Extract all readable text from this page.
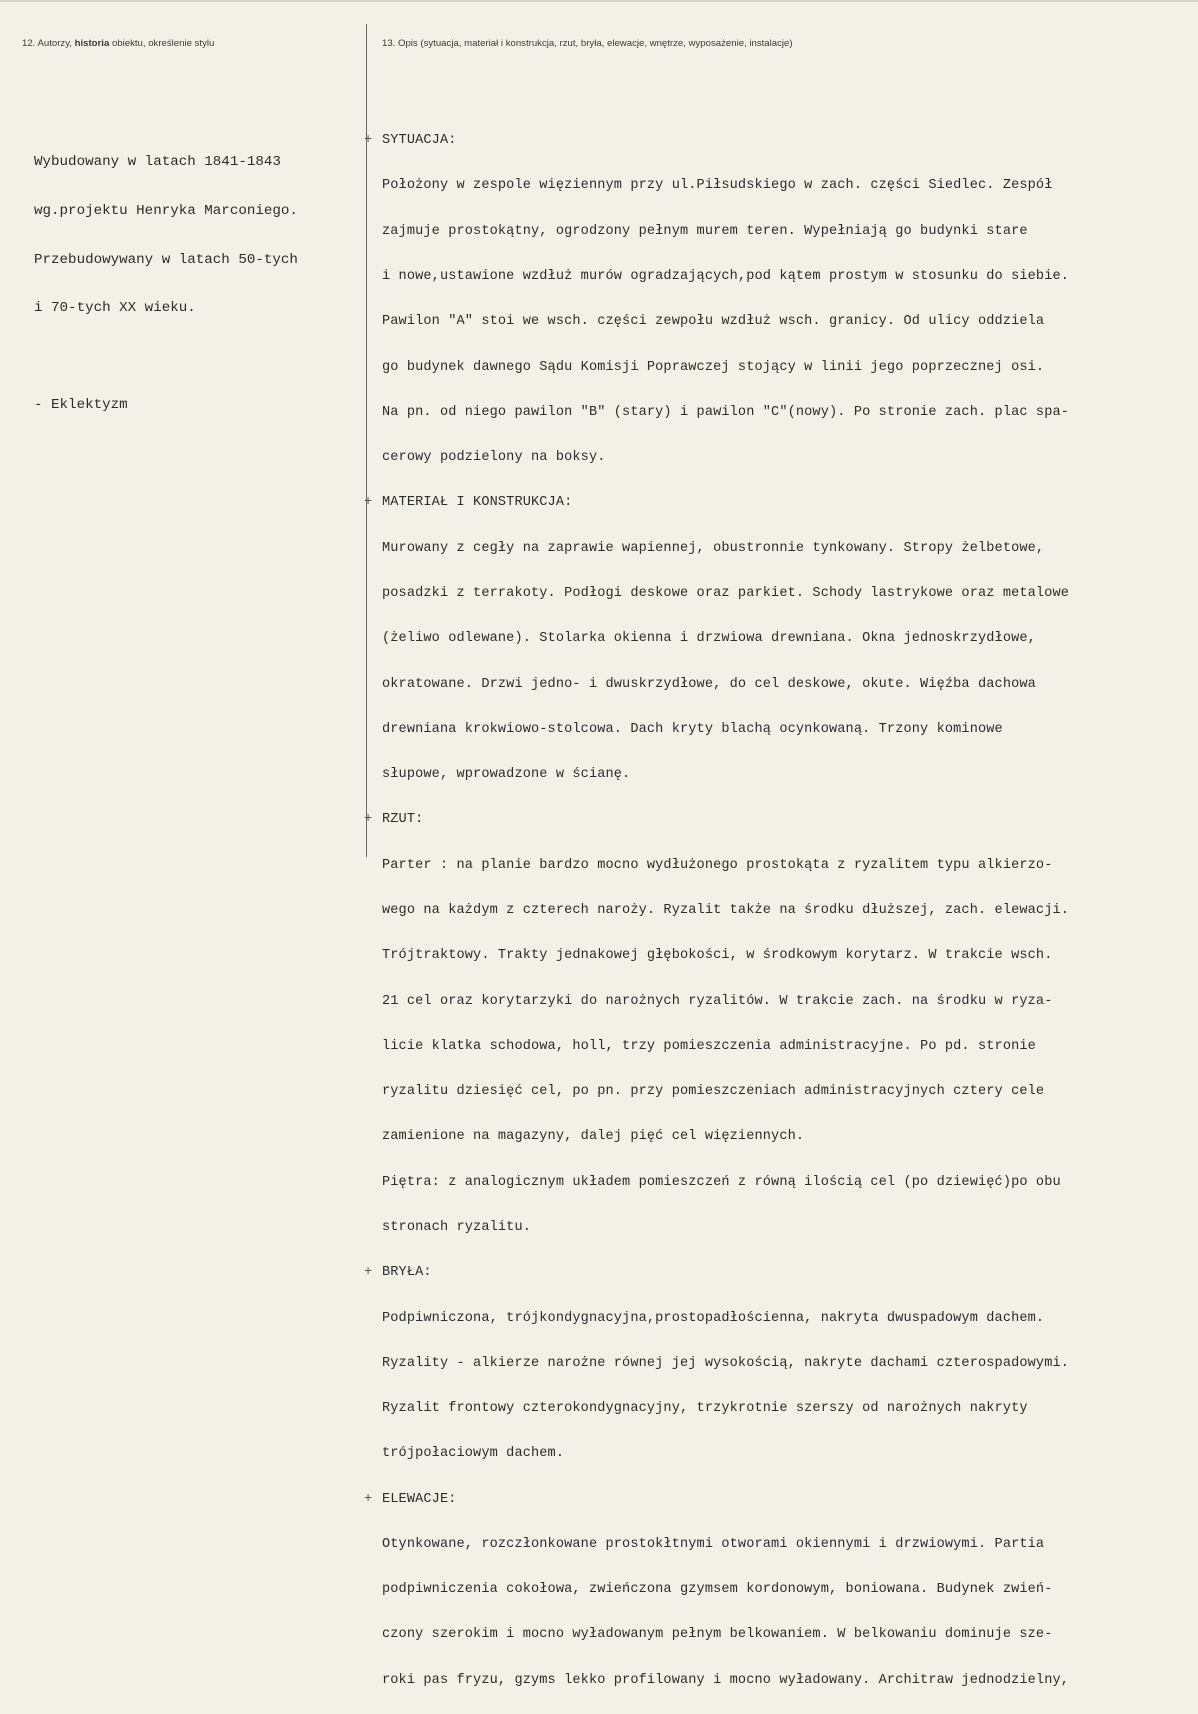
12. Autorzy, historia obiektu, określenie stylu	13. Opis (sytuacja, materiał i konstrukcja, rzut, bryła, elewacje, wnętrze, wyposażenie, instalacje)

Wybudowany w latach 1841-1843

wg.projektu Henryka Marconiego.

Przebudowywany w latach 50-tych

i 70-tych XX wieku.

- Eklektyzm

+ SYTUACJA:

Położony w zespole więziennym przy ul.Piłsudskiego w zach. części Siedlec. Zespół

zajmuje prostokątny, ogrodzony pełnym murem teren. Wypełniają go budynki stare

i nowe,ustawione wzdłuż murów ogradzających,pod kątem prostym w stosunku do siebie.

Pawilon "A" stoi we wsch. części zewpołu wzdłuż wsch. granicy. Od ulicy oddziela

go budynek dawnego Sądu Komisji Poprawczej stojący w linii jego poprzecznej osi.

Na pn. od niego pawilon "B" (stary) i pawilon "C"(nowy). Po stronie zach. plac spa-

cerowy podzielony na boksy.

+ MATERIAŁ I KONSTRUKCJA:

Murowany z cegły na zaprawie wapiennej, obustronnie tynkowany. Stropy żelbetowe,

posadzki z terrakoty. Podłogi deskowe oraz parkiet. Schody lastrykowe oraz metalowe

(żeliwo odlewane). Stolarka okienna i drzwiowa drewniana. Okna jednoskrzydłowe,

okratowane. Drzwi jedno- i dwuskrzydłowe, do cel deskowe, okute. Więźba dachowa

drewniana krokwiowo-stolcowa. Dach kryty blachą ocynkowaną. Trzony kominowe

słupowe, wprowadzone w ścianę.

+ RZUT:

Parter : na planie bardzo mocno wydłużonego prostokąta z ryzalitem typu alkierzo-

wego na każdym z czterech naroży. Ryzalit także na środku dłuższej, zach. elewacji.

Trójtraktowy. Trakty jednakowej głębokości, w środkowym korytarz. W trakcie wsch.

21 cel oraz korytarzyki do narożnych ryzalitów. W trakcie zach. na środku w ryza-

licie klatka schodowa, holl, trzy pomieszczenia administracyjne. Po pd. stronie

ryzalitu dziesięć cel, po pn. przy pomieszczeniach administracyjnych cztery cele

zamienione na magazyny, dalej pięć cel więziennych.

Piętra: z analogicznym układem pomieszczeń z równą ilością cel (po dziewięć)po obu

stronach ryzalitu.

+ BRYŁA:

Podpiwniczona, trójkondygnacyjna,prostopadłościenna, nakryta dwuspadowym dachem.

Ryzality - alkierze narożne równej jej wysokością, nakryte dachami czterospadowymi.

Ryzalit frontowy czterokondygnacyjny, trzykrotnie szerszy od narożnych nakryty

trójpołaciowym dachem.

+ ELEWACJE:

Otynkowane, rozczłonkowane prostokłtnymi otworami okiennymi i drzwiowymi. Partia

podpiwniczenia cokołowa, zwieńczona gzymsem kordonowym, boniowana. Budynek zwień-

czony szerokim i mocno wyładowanym pełnym belkowaniem. W belkowaniu dominuje sze-

roki pas fryzu, gzyms lekko profilowany i mocno wyładowany. Architraw jednodzielny,
